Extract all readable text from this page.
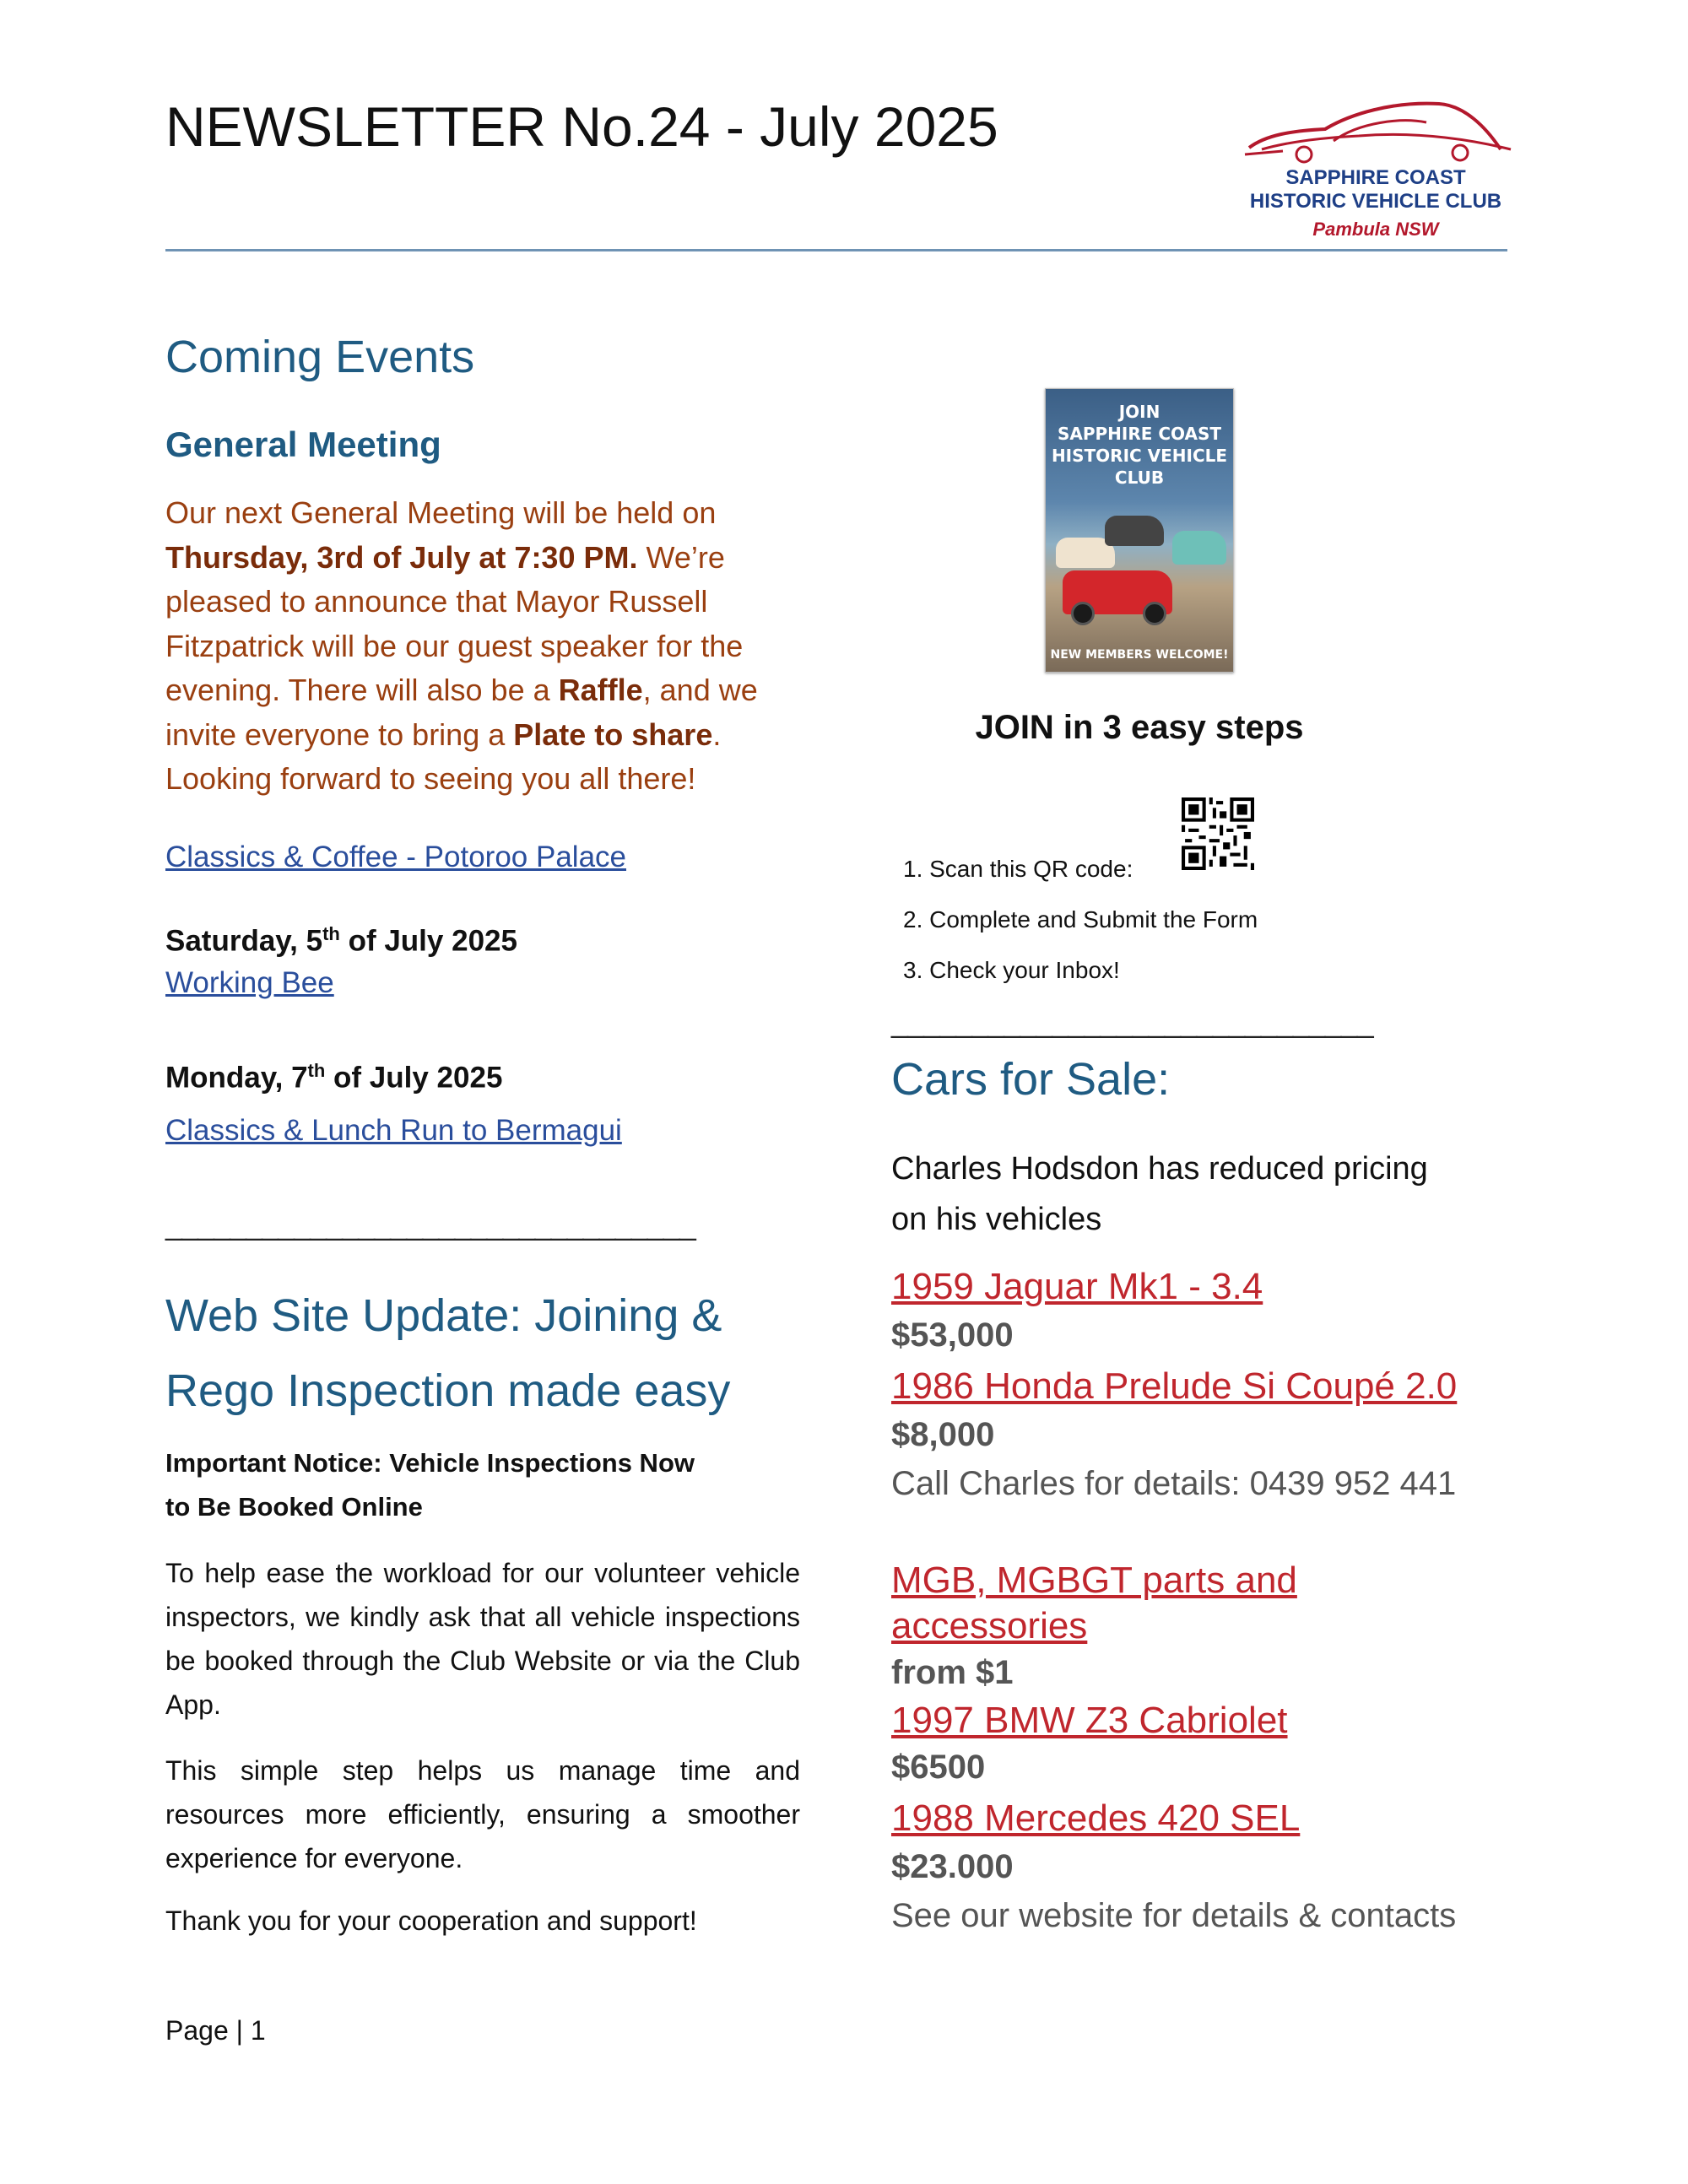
NEWSLETTER No.24 - July 2025
SAPPHIRE COAST
HISTORIC VEHICLE CLUB
Pambula NSW
Coming Events
General Meeting
Our next General Meeting will be held on
Thursday, 3rd of July at 7:30 PM. We’re pleased to announce that Mayor Russell Fitzpatrick will be our guest speaker for the evening. There will also be a Raffle, and we invite everyone to bring a Plate to share. Looking forward to seeing you all there!
Classics & Coffee - Potoroo Palace
Saturday, 5th of July 2025
Working Bee
Monday, 7th of July 2025
Classics & Lunch Run to Bermagui
_________________________________
Web Site Update: Joining &
Rego Inspection made easy
Important Notice: Vehicle Inspections Now
to Be Booked Online
To help ease the workload for our volunteer vehicle inspectors, we kindly ask that all vehicle inspections be booked through the Club Website or via the Club App.
This simple step helps us manage time and resources more efficiently, ensuring a smoother experience for everyone.
Thank you for your cooperation and support!
JOIN
SAPPHIRE COAST
HISTORIC VEHICLE
CLUB
NEW MEMBERS WELCOME!
JOIN in 3 easy steps
1. Scan this QR code:
2. Complete and Submit the Form
3. Check your Inbox!
______________________________
Cars for Sale:
Charles Hodsdon has reduced pricing
on his vehicles
1959 Jaguar Mk1 - 3.4
$53,000
1986 Honda Prelude Si Coupé 2.0
$8,000
Call Charles for details: 0439 952 441
MGB, MGBGT parts and
accessories
from $1
1997 BMW Z3 Cabriolet
$6500
1988 Mercedes 420 SEL
$23.000
See our website for details & contacts
Page | 1
